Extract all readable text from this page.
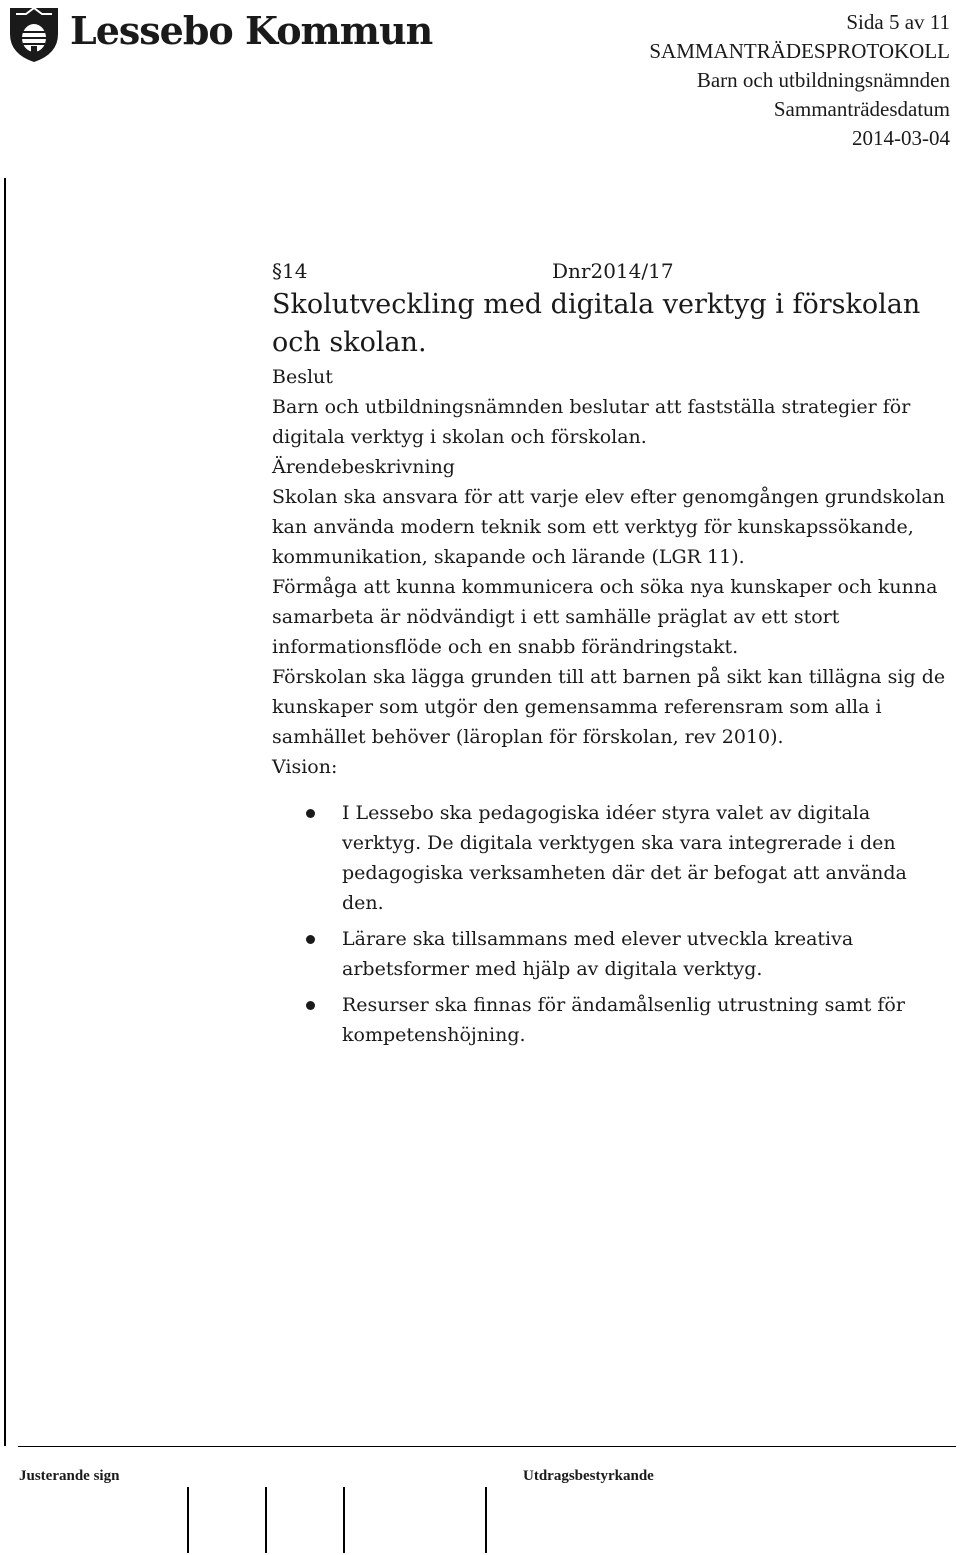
Lessebo Kommun	Sida 5 av 11
SAMMANTRÄDESPROTOKOLL
Barn och utbildningsnämnden
Sammanträdesdatum
2014-03-04
§14	Dnr2014/17

Skolutveckling med digitala verktyg i förskolan och skolan.

Beslut

Barn och utbildningsnämnden beslutar att fastställa strategier för digitala verktyg i skolan och förskolan.

Ärendebeskrivning

Skolan ska ansvara för att varje elev efter genomgången grundskolan kan använda modern teknik som ett verktyg för kunskapssökande, kommunikation, skapande och lärande (LGR 11).

Förmåga att kunna kommunicera och söka nya kunskaper och kunna samarbeta är nödvändigt i ett samhälle präglat av ett stort informationsflöde och en snabb förändringstakt.

Förskolan ska lägga grunden till att barnen på sikt kan tillägna sig de kunskaper som utgör den gemensamma referensram som alla i samhället behöver (läroplan för förskolan, rev 2010).

Vision:

I Lessebo ska pedagogiska idéer styra valet av digitala verktyg. De digitala verktygen ska vara integrerade i den pedagogiska verksamheten där det är befogat att använda den.
Lärare ska tillsammans med elever utveckla kreativa arbetsformer med hjälp av digitala verktyg.
Resurser ska finnas för ändamålsenlig utrustning samt för kompetenshöjning.
Justerande sign	Utdragsbestyrkande
